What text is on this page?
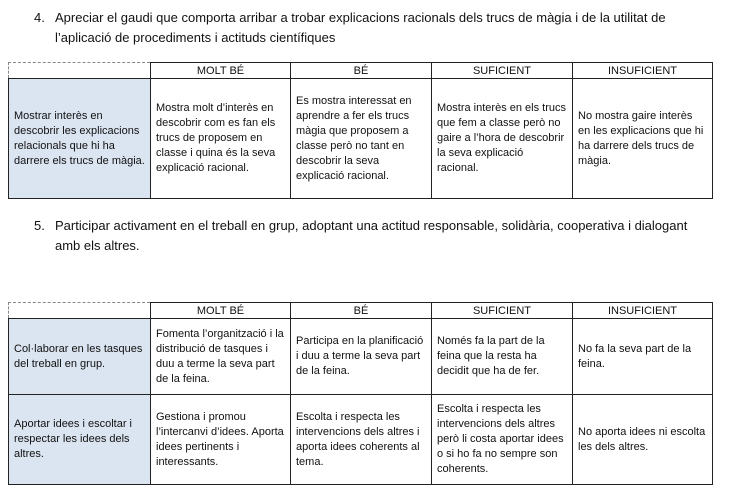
4. Apreciar el gaudi que comporta arribar a trobar explicacions racionals dels trucs de màgia i de la utilitat de l’aplicació de procediments i actituds científiques
	MOLT BÉ	BÉ	SUFICIENT	INSUFICIENT
Mostrar interès en descobrir les explicacions relacionals que hi ha darrere els trucs de màgia.	Mostra molt d’interès en descobrir com es fan els trucs de proposem en classe i quina és la seva explicació racional.	Es mostra interessat en aprendre a fer els trucs màgia que proposem a classe però no tant en descobrir la seva explicació racional.	Mostra interès en els trucs que fem a classe però no gaire a l’hora de descobrir la seva explicació racional.	No mostra gaire interès en les explicacions que hi ha darrere dels trucs de màgia.
5. Participar activament en el treball en grup, adoptant una actitud responsable, solidària, cooperativa i dialogant amb els altres.
	MOLT BÉ	BÉ	SUFICIENT	INSUFICIENT
Col·laborar en les tasques del treball en grup.	Fomenta l’organització i la distribució de tasques i duu a terme la seva part de la feina.	Participa en la planificació i duu a terme la seva part de la feina.	Només fa la part de la feina que la resta ha decidit que ha de fer.	No fa la seva part de la feina.
Aportar idees i escoltar i respectar les idees dels altres.	Gestiona i promou l’intercanvi d’idees. Aporta idees pertinents i interessants.	Escolta i respecta les intervencions dels altres i aporta idees coherents al tema.	Escolta i respecta les intervencions dels altres però li costa aportar idees o si ho fa no sempre son coherents.	No aporta idees ni escolta les dels altres.
